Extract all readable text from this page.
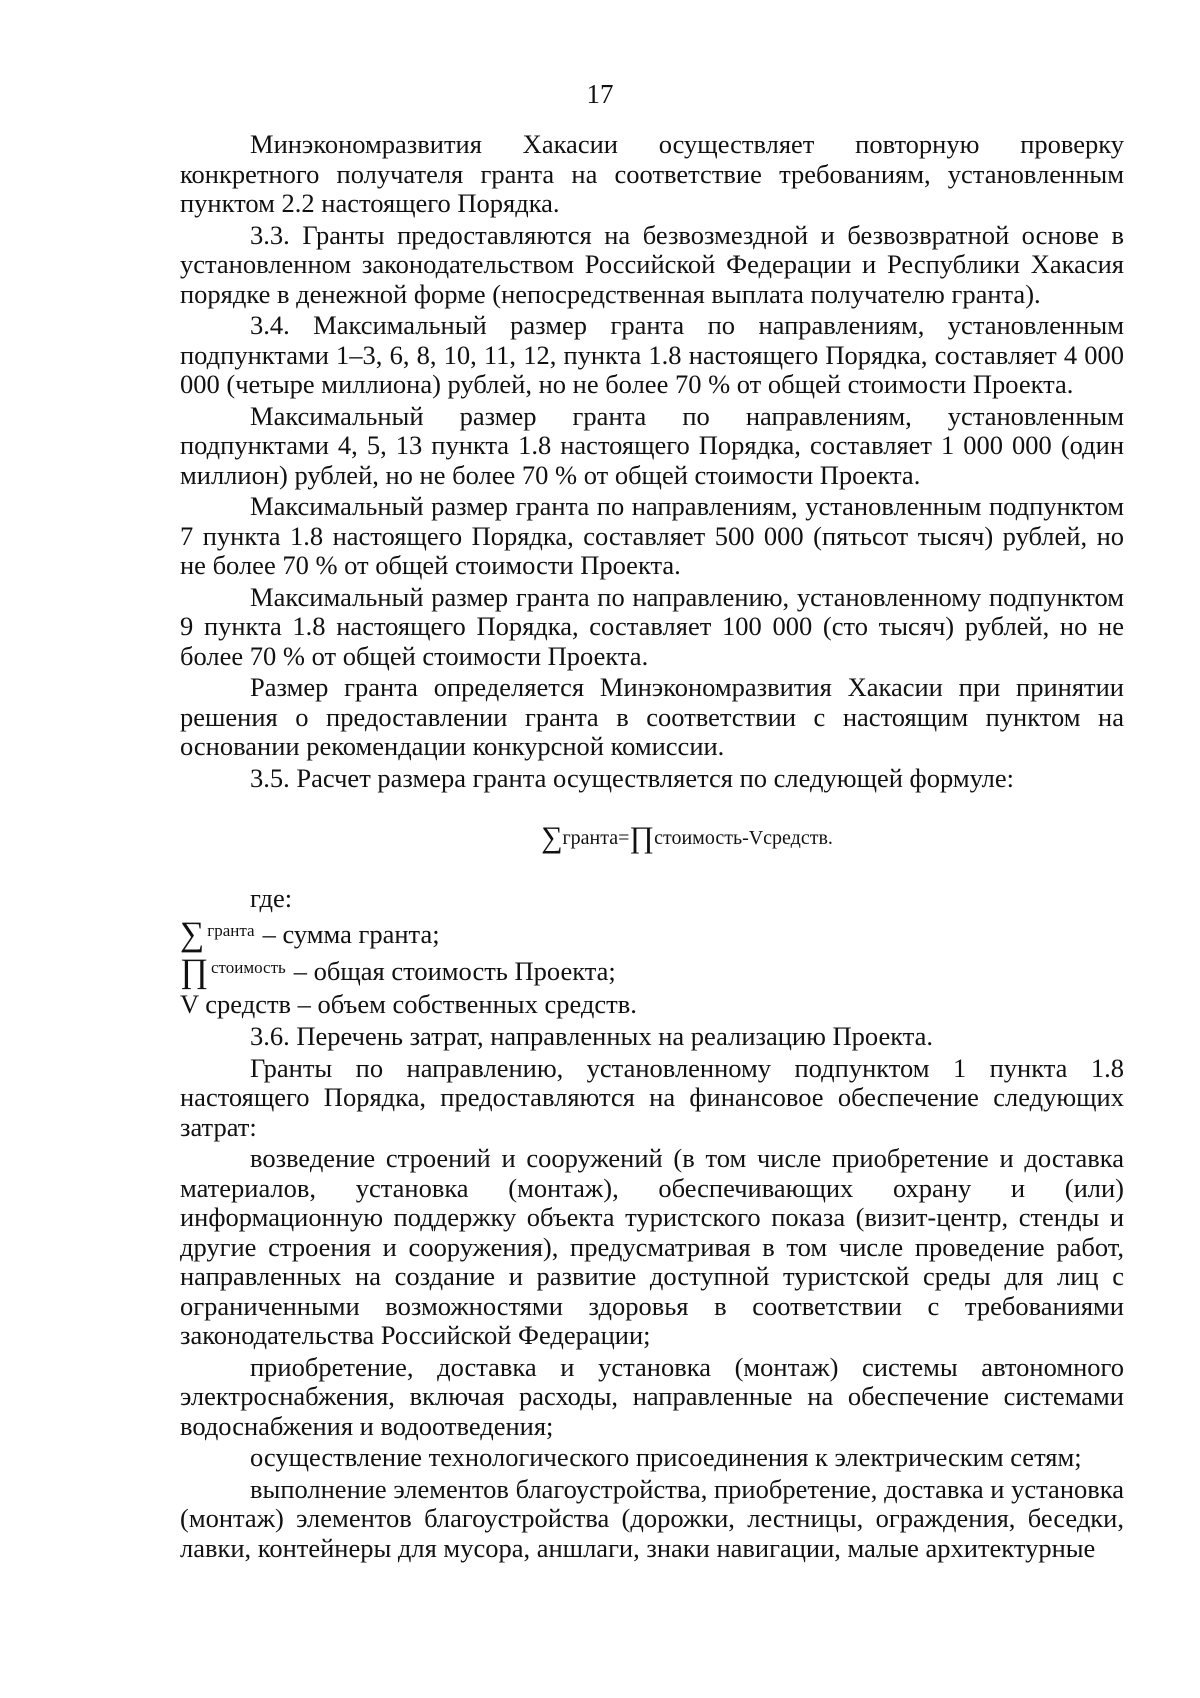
17

Минэкономразвития Хакасии осуществляет повторную проверку конкретного получателя гранта на соответствие требованиям, установленным пунктом 2.2 настоящего Порядка.

3.3. Гранты предоставляются на безвозмездной и безвозвратной основе в установленном законодательством Российской Федерации и Республики Хакасия порядке в денежной форме (непосредственная выплата получателю гранта).

3.4. Максимальный размер гранта по направлениям, установленным подпунктами 1–3, 6, 8, 10, 11, 12, пункта 1.8 настоящего Порядка, составляет 4 000 000 (четыре миллиона) рублей, но не более 70 % от общей стоимости Проекта.

Максимальный размер гранта по направлениям, установленным подпунктами 4, 5, 13 пункта 1.8 настоящего Порядка, составляет 1 000 000 (один миллион) рублей, но не более 70 % от общей стоимости Проекта.

Максимальный размер гранта по направлениям, установленным подпунктом 7 пункта 1.8 настоящего Порядка, составляет 500 000 (пятьсот тысяч) рублей, но не более 70 % от общей стоимости Проекта.

Максимальный размер гранта по направлению, установленному подпунктом 9 пункта 1.8 настоящего Порядка, составляет 100 000 (сто тысяч) рублей, но не более 70 % от общей стоимости Проекта.

Размер гранта определяется Минэкономразвития Хакасии при принятии решения о предоставлении гранта в соответствии с настоящим пунктом на основании рекомендации конкурсной комиссии.

3.5. Расчет размера гранта осуществляется по следующей формуле:

∑гранта=∏стоимость-Vсредств.
где:
∑ $^{гранта}$ – сумма гранта;
∏ $^{стоимость}$ – общая стоимость Проекта;
V средств – объем собственных средств.

3.6. Перечень затрат, направленных на реализацию Проекта.

Гранты по направлению, установленному подпунктом 1 пункта 1.8 настоящего Порядка, предоставляются на финансовое обеспечение следующих затрат:

возведение строений и сооружений (в том числе приобретение и доставка материалов, установка (монтаж), обеспечивающих охрану и (или) информационную поддержку объекта туристского показа (визит-центр, стенды и другие строения и сооружения), предусматривая в том числе проведение работ, направленных на создание и развитие доступной туристской среды для лиц с ограниченными возможностями здоровья в соответствии с требованиями законодательства Российской Федерации;

приобретение, доставка и установка (монтаж) системы автономного электроснабжения, включая расходы, направленные на обеспечение системами водоснабжения и водоотведения;

осуществление технологического присоединения к электрическим сетям;

выполнение элементов благоустройства, приобретение, доставка и установка (монтаж) элементов благоустройства (дорожки, лестницы, ограждения, беседки, лавки, контейнеры для мусора, аншлаги, знаки навигации, малые архитектурные
